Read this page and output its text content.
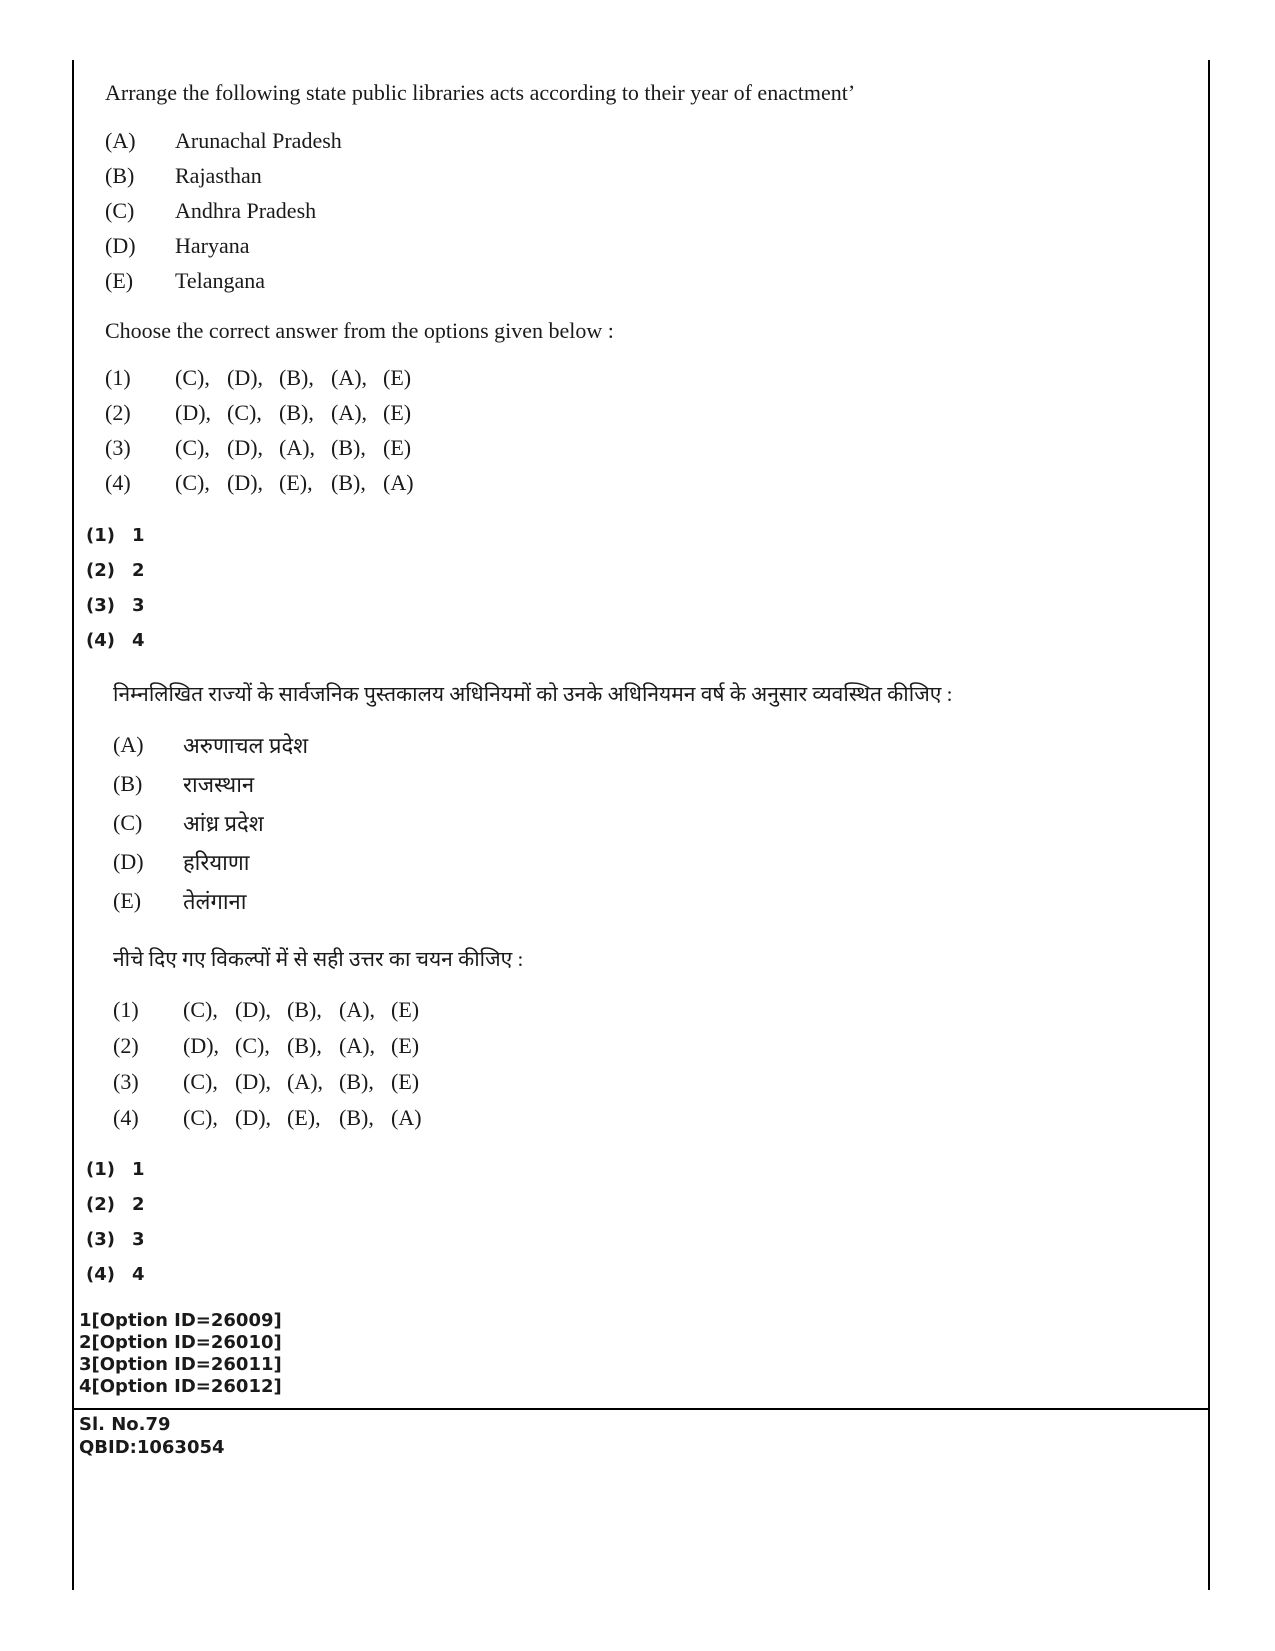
Arrange the following state public libraries acts according to their year of enactment’
(A)	Arunachal Pradesh
(B)	Rajasthan
(C)	Andhra Pradesh
(D)	Haryana
(E)	Telangana
Choose the correct answer from the options given below :
(1)	(C), (D), (B), (A), (E)
(2)	(D), (C), (B), (A), (E)
(3)	(C), (D), (A), (B), (E)
(4)	(C), (D), (E), (B), (A)
(1) 1
(2) 2
(3) 3
(4) 4
निम्नलिखित राज्यों के सार्वजनिक पुस्तकालय अधिनियमों को उनके अधिनियमन वर्ष के अनुसार व्यवस्थित कीजिए :
(A)	अरुणाचल प्रदेश
(B)	राजस्थान
(C)	आंध्र प्रदेश
(D)	हरियाणा
(E)	तेलंगाना
नीचे दिए गए विकल्पों में से सही उत्तर का चयन कीजिए :
(1)	(C), (D), (B), (A), (E)
(2)	(D), (C), (B), (A), (E)
(3)	(C), (D), (A), (B), (E)
(4)	(C), (D), (E), (B), (A)
(1) 1
(2) 2
(3) 3
(4) 4
1[Option ID=26009]
2[Option ID=26010]
3[Option ID=26011]
4[Option ID=26012]
Sl. No.79
QBID:1063054
